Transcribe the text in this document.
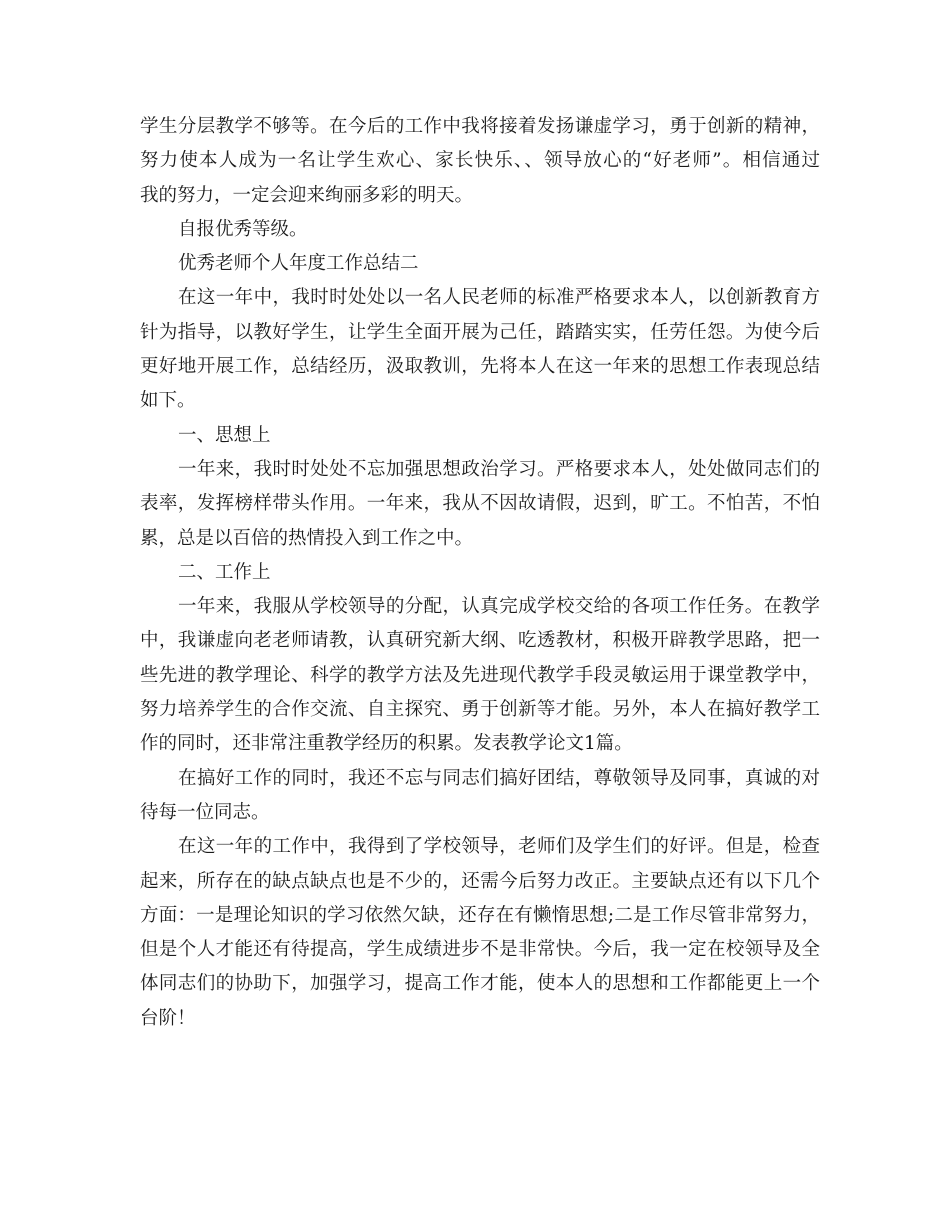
学生分层教学不够等。在今后的工作中我将接着发扬谦虚学习，勇于创新的精神，
努力使本人成为一名让学生欢心、家长快乐、、领导放心的“好老师”。相信通过
我的努力，一定会迎来绚丽多彩的明天。
自报优秀等级。
优秀老师个人年度工作总结二
在这一年中，我时时处处以一名人民老师的标准严格要求本人，以创新教育方
针为指导，以教好学生，让学生全面开展为己任，踏踏实实，任劳任怨。为使今后
更好地开展工作，总结经历，汲取教训，先将本人在这一年来的思想工作表现总结
如下。
一、思想上
一年来，我时时处处不忘加强思想政治学习。严格要求本人，处处做同志们的
表率，发挥榜样带头作用。一年来，我从不因故请假，迟到，旷工。不怕苦，不怕
累，总是以百倍的热情投入到工作之中。
二、工作上
一年来，我服从学校领导的分配，认真完成学校交给的各项工作任务。在教学
中，我谦虚向老老师请教，认真研究新大纲、吃透教材，积极开辟教学思路，把一
些先进的教学理论、科学的教学方法及先进现代教学手段灵敏运用于课堂教学中，
努力培养学生的合作交流、自主探究、勇于创新等才能。另外，本人在搞好教学工
作的同时，还非常注重教学经历的积累。发表教学论文1篇。
在搞好工作的同时，我还不忘与同志们搞好团结，尊敬领导及同事，真诚的对
待每一位同志。
在这一年的工作中，我得到了学校领导，老师们及学生们的好评。但是，检查
起来，所存在的缺点缺点也是不少的，还需今后努力改正。主要缺点还有以下几个
方面：一是理论知识的学习依然欠缺，还存在有懒惰思想;二是工作尽管非常努力，
但是个人才能还有待提高，学生成绩进步不是非常快。今后，我一定在校领导及全
体同志们的协助下，加强学习，提高工作才能，使本人的思想和工作都能更上一个
台阶！
